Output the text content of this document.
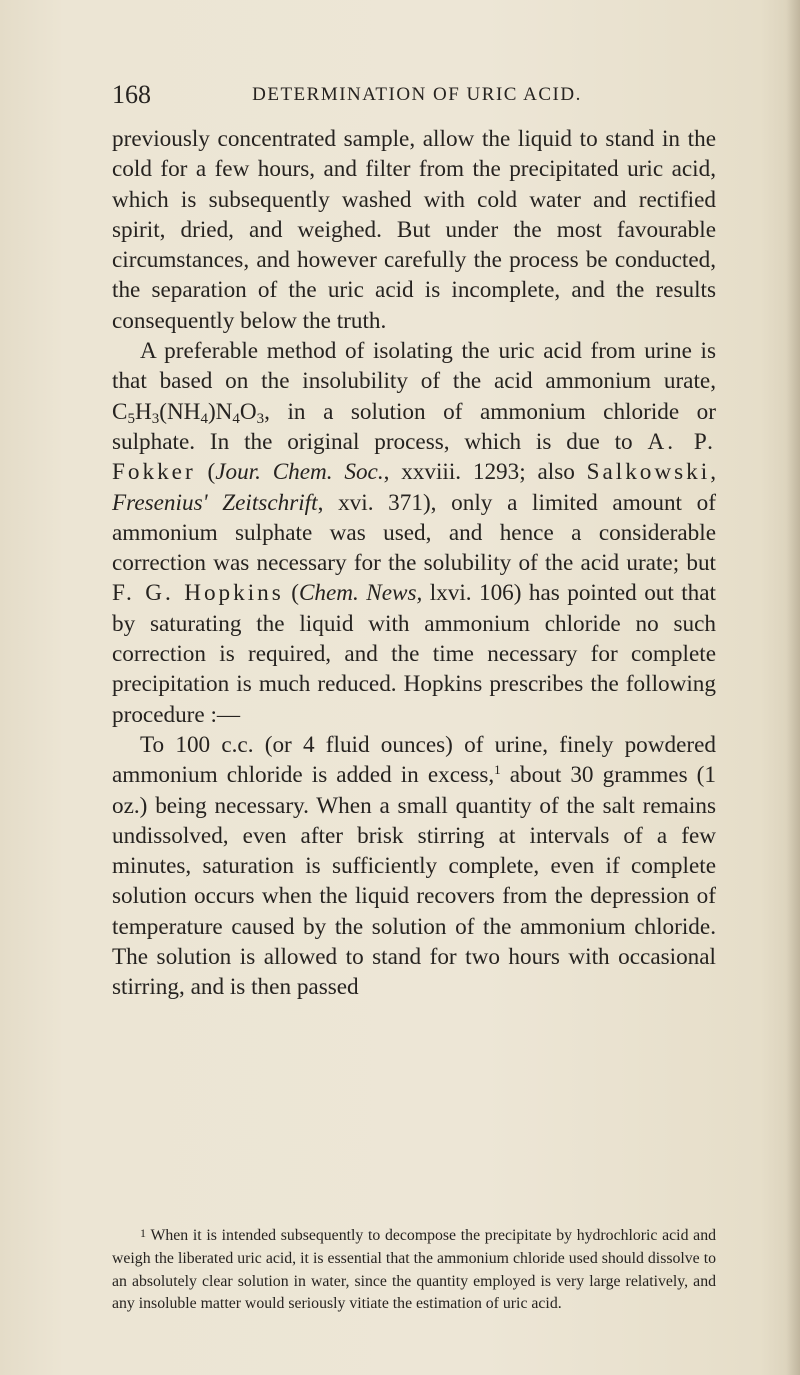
168	DETERMINATION OF URIC ACID.

previously concentrated sample, allow the liquid to stand in the cold for a few hours, and filter from the precipitated uric acid, which is subsequently washed with cold water and rectified spirit, dried, and weighed. But under the most favourable circumstances, and however carefully the process be conducted, the separation of the uric acid is incomplete, and the results consequently below the truth.

A preferable method of isolating the uric acid from urine is that based on the insolubility of the acid ammonium urate, $C_5H_3(NH_4)N_4O_3$, in a solution of ammonium chloride or sulphate. In the original process, which is due to A. P. Fokker (Jour. Chem. Soc., xxviii. 1293; also Salkowski, Fresenius' Zeitschrift, xvi. 371), only a limited amount of ammonium sulphate was used, and hence a considerable correction was necessary for the solubility of the acid urate; but F. G. Hopkins (Chem. News, lxvi. 106) has pointed out that by saturating the liquid with ammonium chloride no such correction is required, and the time necessary for complete precipitation is much reduced. Hopkins prescribes the following procedure :—

To 100 c.c. (or 4 fluid ounces) of urine, finely powdered ammonium chloride is added in excess,$^1$ about 30 grammes (1 oz.) being necessary. When a small quantity of the salt remains undissolved, even after brisk stirring at intervals of a few minutes, saturation is sufficiently complete, even if complete solution occurs when the liquid recovers from the depression of temperature caused by the solution of the ammonium chloride. The solution is allowed to stand for two hours with occasional stirring, and is then passed

$^1$ When it is intended subsequently to decompose the precipitate by hydrochloric acid and weigh the liberated uric acid, it is essential that the ammonium chloride used should dissolve to an absolutely clear solution in water, since the quantity employed is very large relatively, and any insoluble matter would seriously vitiate the estimation of uric acid.
